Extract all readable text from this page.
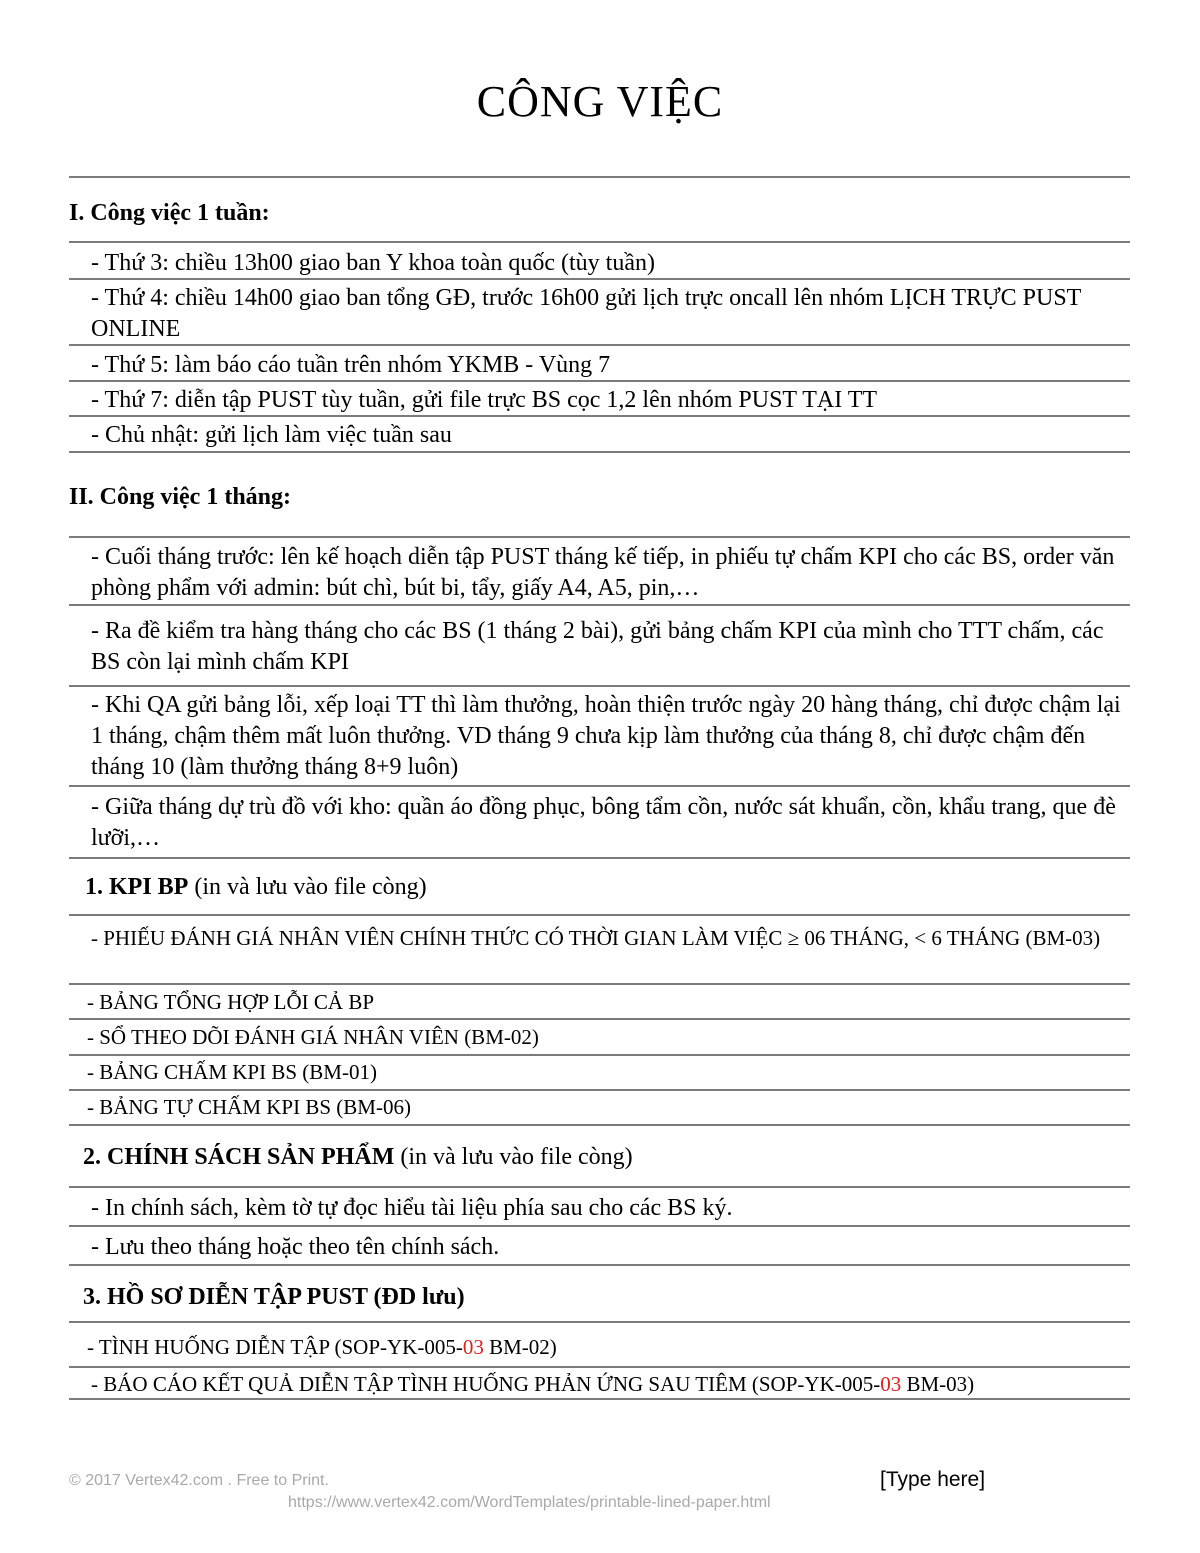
CÔNG VIỆC
I. Công việc 1 tuần:
- Thứ 3: chiều 13h00 giao ban Y khoa toàn quốc (tùy tuần)
- Thứ 4: chiều 14h00 giao ban tổng GĐ, trước 16h00 gửi lịch trực oncall lên nhóm LỊCH TRỰC PUST ONLINE
- Thứ 5: làm báo cáo tuần trên nhóm YKMB - Vùng 7
- Thứ 7: diễn tập PUST tùy tuần, gửi file trực BS cọc 1,2 lên nhóm PUST TẠI TT
- Chủ nhật: gửi lịch làm việc tuần sau
II. Công việc 1 tháng:
- Cuối tháng trước: lên kế hoạch diễn tập PUST tháng kế tiếp, in phiếu tự chấm KPI cho các BS, order văn phòng phẩm với admin: bút chì, bút bi, tẩy, giấy A4, A5, pin,…
- Ra đề kiểm tra hàng tháng cho các BS (1 tháng 2 bài), gửi bảng chấm KPI của mình cho TTT chấm, các BS còn lại mình chấm KPI
- Khi QA gửi bảng lỗi, xếp loại TT thì làm thưởng, hoàn thiện trước ngày 20 hàng tháng, chỉ được chậm lại 1 tháng, chậm thêm mất luôn thưởng. VD tháng 9 chưa kịp làm thưởng của tháng 8, chỉ được chậm đến tháng 10 (làm thưởng tháng 8+9 luôn)
- Giữa tháng dự trù đồ với kho: quần áo đồng phục, bông tẩm cồn, nước sát khuẩn, cồn, khẩu trang, que đè lưỡi,…
1. KPI BP (in và lưu vào file còng)
- PHIẾU ĐÁNH GIÁ NHÂN VIÊN CHÍNH THỨC CÓ THỜI GIAN LÀM VIỆC ≥ 06 THÁNG, < 6 THÁNG (BM-03)
- BẢNG TỔNG HỢP LỖI CẢ BP
- SỔ THEO DÕI ĐÁNH GIÁ NHÂN VIÊN (BM-02)
- BẢNG CHẤM KPI BS (BM-01)
- BẢNG TỰ CHẤM KPI BS (BM-06)
2. CHÍNH SÁCH SẢN PHẨM (in và lưu vào file còng)
- In chính sách, kèm tờ tự đọc hiểu tài liệu phía sau cho các BS ký.
- Lưu theo tháng hoặc theo tên chính sách.
3. HỒ SƠ DIỄN TẬP PUST (ĐD lưu)
- TÌNH HUỐNG DIỄN TẬP (SOP-YK-005-03 BM-02)
- BÁO CÁO KẾT QUẢ DIỄN TẬP TÌNH HUỐNG PHẢN ỨNG SAU TIÊM (SOP-YK-005-03 BM-03)
© 2017 Vertex42.com . Free to Print.
https://www.vertex42.com/WordTemplates/printable-lined-paper.html
[Type here]
